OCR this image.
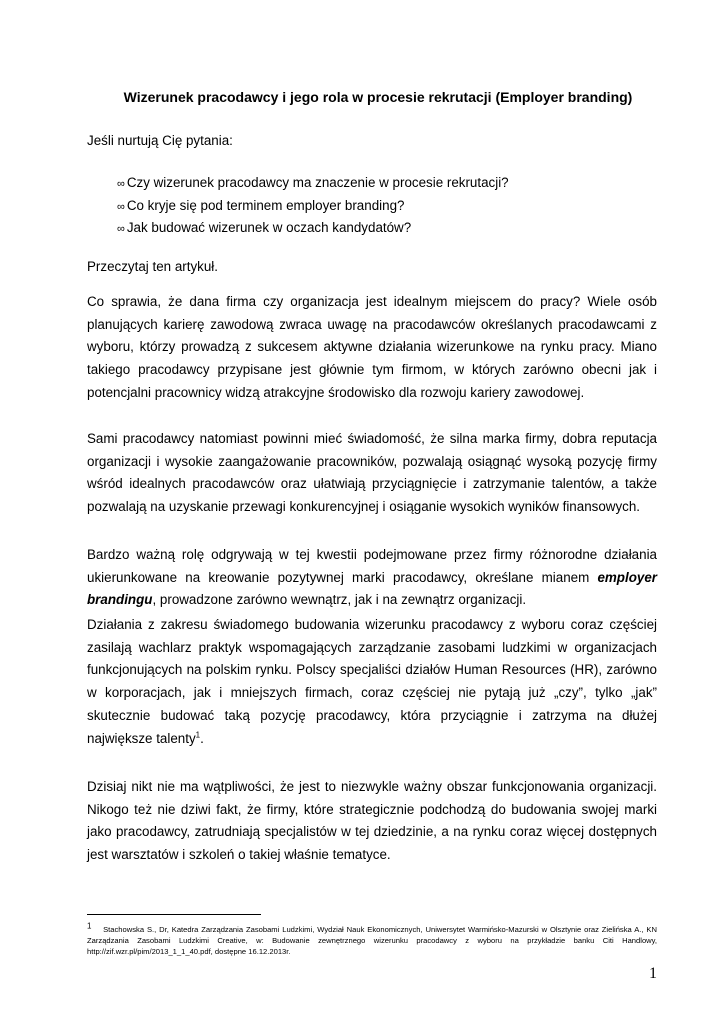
Wizerunek pracodawcy i jego rola w procesie rekrutacji (Employer branding)

Jeśli nurtują Cię pytania:

∞ Czy wizerunek pracodawcy ma znaczenie w procesie rekrutacji?
∞ Co kryje się pod terminem employer branding?
∞ Jak budować wizerunek w oczach kandydatów?

Przeczytaj ten artykuł.

Co sprawia, że dana firma czy organizacja jest idealnym miejscem do pracy? Wiele osób planujących karierę zawodową zwraca uwagę na pracodawców określanych pracodawcami z wyboru, którzy prowadzą z sukcesem aktywne działania wizerunkowe na rynku pracy. Miano takiego pracodawcy przypisane jest głównie tym firmom, w których zarówno obecni jak i potencjalni pracownicy widzą atrakcyjne środowisko dla rozwoju kariery zawodowej.

Sami pracodawcy natomiast powinni mieć świadomość, że silna marka firmy, dobra reputacja organizacji i wysokie zaangażowanie pracowników, pozwalają osiągnąć wysoką pozycję firmy wśród idealnych pracodawców oraz ułatwiają przyciągnięcie i zatrzymanie talentów, a także pozwalają na uzyskanie przewagi konkurencyjnej i osiąganie wysokich wyników finansowych.

Bardzo ważną rolę odgrywają w tej kwestii podejmowane przez firmy różnorodne działania ukierunkowane na kreowanie pozytywnej marki pracodawcy, określane mianem employer brandingu, prowadzone zarówno wewnątrz, jak i na zewnątrz organizacji.

Działania z zakresu świadomego budowania wizerunku pracodawcy z wyboru coraz częściej zasilają wachlarz praktyk wspomagających zarządzanie zasobami ludzkimi w organizacjach funkcjonujących na polskim rynku. Polscy specjaliści działów Human Resources (HR), zarówno w korporacjach, jak i mniejszych firmach, coraz częściej nie pytają już „czy”, tylko „jak” skutecznie budować taką pozycję pracodawcy, która przyciągnie i zatrzyma na dłużej największe talenty$^1$.

Dzisiaj nikt nie ma wątpliwości, że jest to niezwykle ważny obszar funkcjonowania organizacji. Nikogo też nie dziwi fakt, że firmy, które strategicznie podchodzą do budowania swojej marki jako pracodawcy, zatrudniają specjalistów w tej dziedzinie, a na rynku coraz więcej dostępnych jest warsztatów i szkoleń o takiej właśnie tematyce.

$^1$ Stachowska S., Dr, Katedra Zarządzania Zasobami Ludzkimi, Wydział Nauk Ekonomicznych, Uniwersytet Warmińsko-Mazurski w Olsztynie oraz Zielińska A., KN Zarządzania Zasobami Ludzkimi Creative, w: Budowanie zewnętrznego wizerunku pracodawcy z wyboru na przykładzie banku Citi Handlowy, http://zif.wzr.pl/pim/2013_1_1_40.pdf, dostępne 16.12.2013r.

1
